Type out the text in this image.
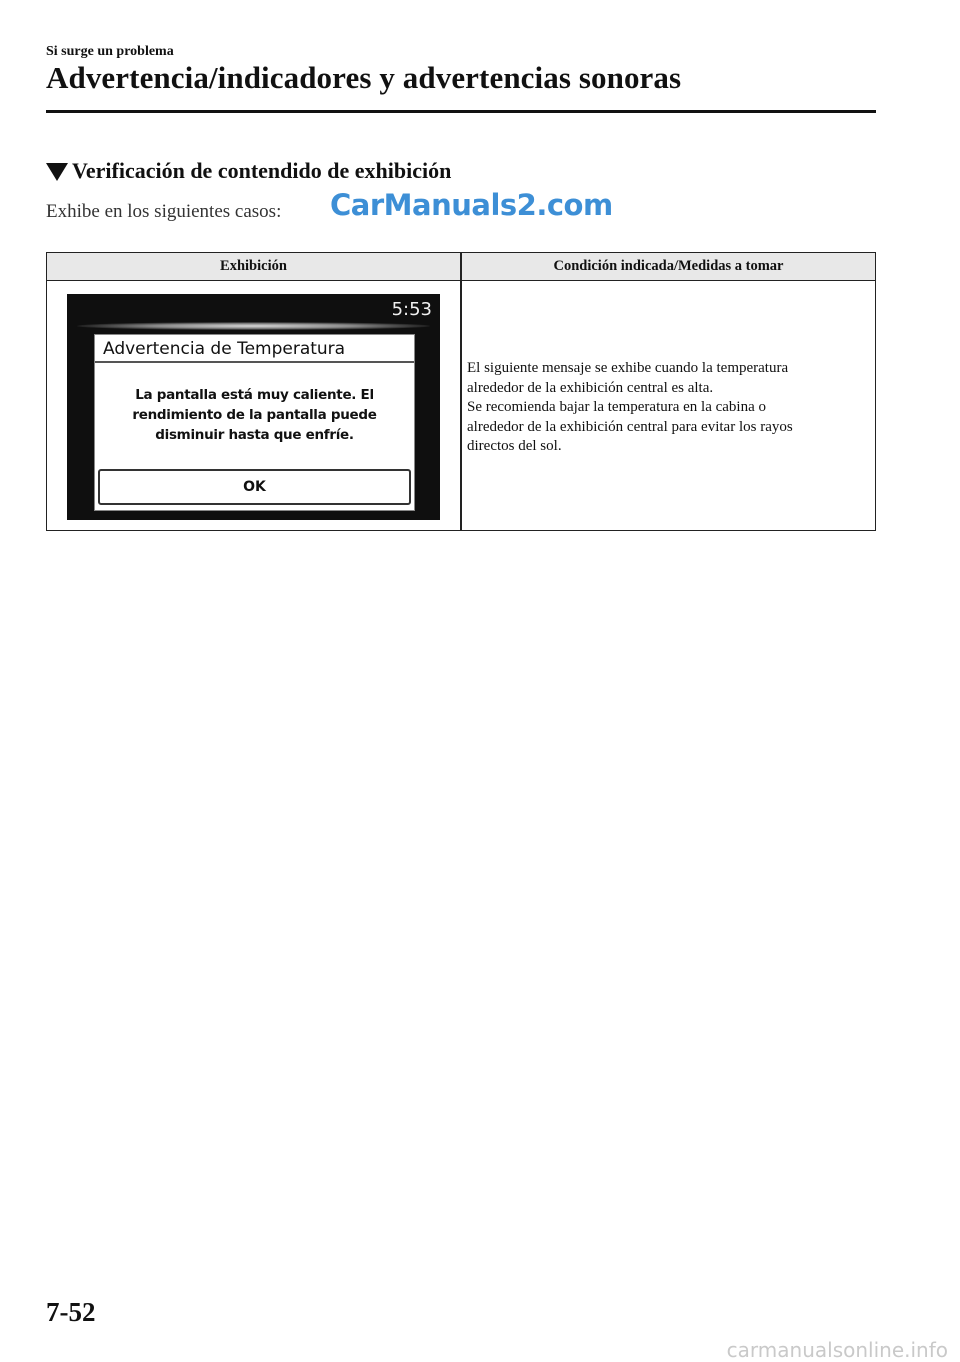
Si surge un problema
Advertencia/indicadores y advertencias sonoras
Verificación de contendido de exhibición
Exhibe en los siguientes casos: CarManuals2.com
Exhibición	Condición indicada/Medidas a tomar
5:53
Advertencia de Temperatura
La pantalla está muy caliente. El
rendimiento de la pantalla puede
disminuir hasta que enfríe.
OK
El siguiente mensaje se exhibe cuando la temperatura
alrededor de la exhibición central es alta.
Se recomienda bajar la temperatura en la cabina o
alrededor de la exhibición central para evitar los rayos
directos del sol.
7-52
carmanualsonline.info
